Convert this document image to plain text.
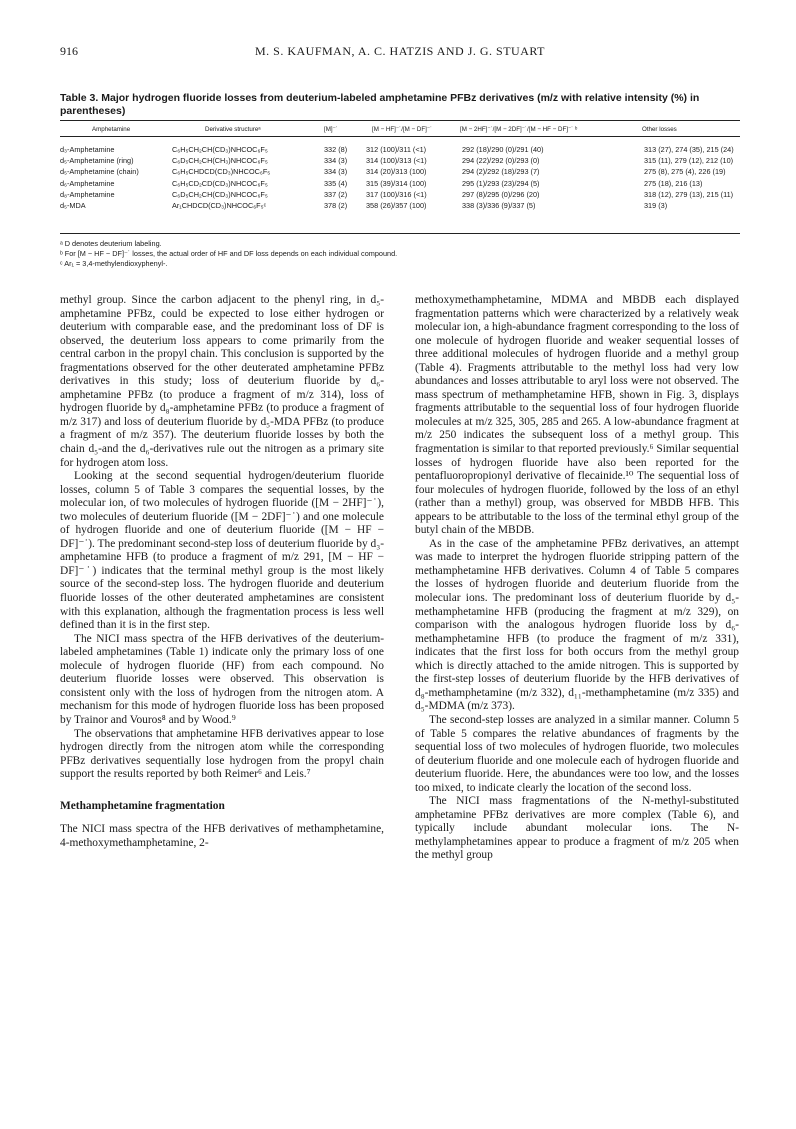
916	M. S. KAUFMAN, A. C. HATZIS AND J. G. STUART
Table 3. Major hydrogen fluoride losses from deuterium-labeled amphetamine PFBz derivatives (m/z with relative intensity (%) in parentheses)
Amphetamine	Derivative structureᵃ	[M]⁻˙	[M − HF]⁻˙/[M − DF]⁻˙	[M − 2HF]⁻˙/[M − 2DF]⁻˙/[M − HF − DF]⁻˙ ᵇ	Other losses
d₃-Amphetamine	C₆H₅CH₂CH(CD₃)NHCOC₆F₅	332 (8)	312 (100)/311 (<1)	292 (18)/290 (0)/291 (40)	313 (27), 274 (35), 215 (24)
d₅-Amphetamine (ring)	C₆D₅CH₂CH(CH₃)NHCOC₆F₅	334 (3)	314 (100)/313 (<1)	294 (22)/292 (0)/293 (0)	315 (11), 279 (12), 212 (10)
d₅-Amphetamine (chain)	C₆H₅CHDCD(CD₃)NHCOC₆F₅	334 (3)	314 (20)/313 (100)	294 (2)/292 (18)/293 (7)	275 (8), 275 (4), 226 (19)
d₆-Amphetamine	C₆H₅CD₂CD(CD₃)NHCOC₆F₅	335 (4)	315 (39)/314 (100)	295 (1)/293 (23)/294 (5)	275 (18), 216 (13)
d₈-Amphetamine	C₆D₅CH₂CH(CD₃)NHCOC₆F₅	337 (2)	317 (100)/316 (<1)	297 (8)/295 (0)/296 (20)	318 (12), 279 (13), 215 (11)
d₅-MDA	Ar₁CHDCD(CD₃)NHCOC₆F₅ᶜ	378 (2)	358 (26)/357 (100)	338 (3)/336 (9)/337 (5)	319 (3)
ᵃ D denotes deuterium labeling.
ᵇ For [M − HF − DF]⁻˙ losses, the actual order of HF and DF loss depends on each individual compound.
ᶜ Ar₁ = 3,4-methylendioxyphenyl-.

methyl group. Since the carbon adjacent to the phenyl ring, in d₅-amphetamine PFBz, could be expected to lose either hydrogen or deuterium with comparable ease, and the predominant loss of DF is observed, the deuterium loss appears to come primarily from the central carbon in the propyl chain. This conclusion is supported by the fragmentations observed for the other deuterated amphetamine PFBz derivatives in this study; loss of deuterium fluoride by d₆-amphetamine PFBz (to produce a fragment of m/z 314), loss of hydrogen fluoride by d₈-amphetamine PFBz (to produce a fragment of m/z 317) and loss of deuterium fluoride by d₅-MDA PFBz (to produce a fragment of m/z 357). The deuterium fluoride losses by both the chain d₅-and the d₆-derivatives rule out the nitrogen as a primary site for hydrogen atom loss.

Looking at the second sequential hydrogen/deuterium fluoride losses, column 5 of Table 3 compares the sequential losses, by the molecular ion, of two molecules of hydrogen fluoride ([M − 2HF]⁻˙), two molecules of deuterium fluoride ([M − 2DF]⁻˙) and one molecule of hydrogen fluoride and one of deuterium fluoride ([M − HF − DF]⁻˙). The predominant second-step loss of deuterium fluoride by d₃-amphetamine HFB (to produce a fragment of m/z 291, [M − HF − DF]⁻˙) indicates that the terminal methyl group is the most likely source of the second-step loss. The hydrogen fluoride and deuterium fluoride losses of the other deuterated amphetamines are consistent with this explanation, although the fragmentation process is less well defined than it is in the first step.

The NICI mass spectra of the HFB derivatives of the deuterium-labeled amphetamines (Table 1) indicate only the primary loss of one molecule of hydrogen fluoride (HF) from each compound. No deuterium fluoride losses were observed. This observation is consistent only with the loss of hydrogen from the nitrogen atom. A mechanism for this mode of hydrogen fluoride loss has been proposed by Trainor and Vouros⁸ and by Wood.⁹

The observations that amphetamine HFB derivatives appear to lose hydrogen directly from the nitrogen atom while the corresponding PFBz derivatives sequentially lose hydrogen from the propyl chain support the results reported by both Reimer⁶ and Leis.⁷

Methamphetamine fragmentation

The NICI mass spectra of the HFB derivatives of methamphetamine, 4-methoxymethamphetamine, 2-

methoxymethamphetamine, MDMA and MBDB each displayed fragmentation patterns which were characterized by a relatively weak molecular ion, a high-abundance fragment corresponding to the loss of one molecule of hydrogen fluoride and weaker sequential losses of three additional molecules of hydrogen fluoride and a methyl group (Table 4). Fragments attributable to the methyl loss had very low abundances and losses attributable to aryl loss were not observed. The mass spectrum of methamphetamine HFB, shown in Fig. 3, displays fragments attributable to the sequential loss of four hydrogen fluoride molecules at m/z 325, 305, 285 and 265. A low-abundance fragment at m/z 250 indicates the subsequent loss of a methyl group. This fragmentation is similar to that reported previously.⁶ Similar sequential losses of hydrogen fluoride have also been reported for the pentafluoropropionyl derivative of flecainide.¹⁰ The sequential loss of four molecules of hydrogen fluoride, followed by the loss of an ethyl (rather than a methyl) group, was observed for MBDB HFB. This appears to be attributable to the loss of the terminal ethyl group of the butyl chain of the MBDB.

As in the case of the amphetamine PFBz derivatives, an attempt was made to interpret the hydrogen fluoride stripping pattern of the methamphetamine HFB derivatives. Column 4 of Table 5 compares the losses of hydrogen fluoride and deuterium fluoride from the molecular ions. The predominant loss of deuterium fluoride by d₅-methamphetamine HFB (producing the fragment at m/z 329), on comparison with the analogous hydrogen fluoride loss by d₆-methamphetamine HFB (to produce the fragment of m/z 331), indicates that the first loss for both occurs from the methyl group which is directly attached to the amide nitrogen. This is supported by the first-step losses of deuterium fluoride by the HFB derivatives of d₈-methamphetamine (m/z 332), d₁₁-methamphetamine (m/z 335) and d₅-MDMA (m/z 373).

The second-step losses are analyzed in a similar manner. Column 5 of Table 5 compares the relative abundances of fragments by the sequential loss of two molecules of hydrogen fluoride, two molecules of deuterium fluoride and one molecule each of hydrogen fluoride and deuterium fluoride. Here, the abundances were too low, and the losses too mixed, to indicate clearly the location of the second loss.

The NICI mass fragmentations of the N-methyl-substituted amphetamine PFBz derivatives are more complex (Table 6), and typically include abundant molecular ions. The N-methylamphetamines appear to produce a fragment of m/z 205 when the methyl group
